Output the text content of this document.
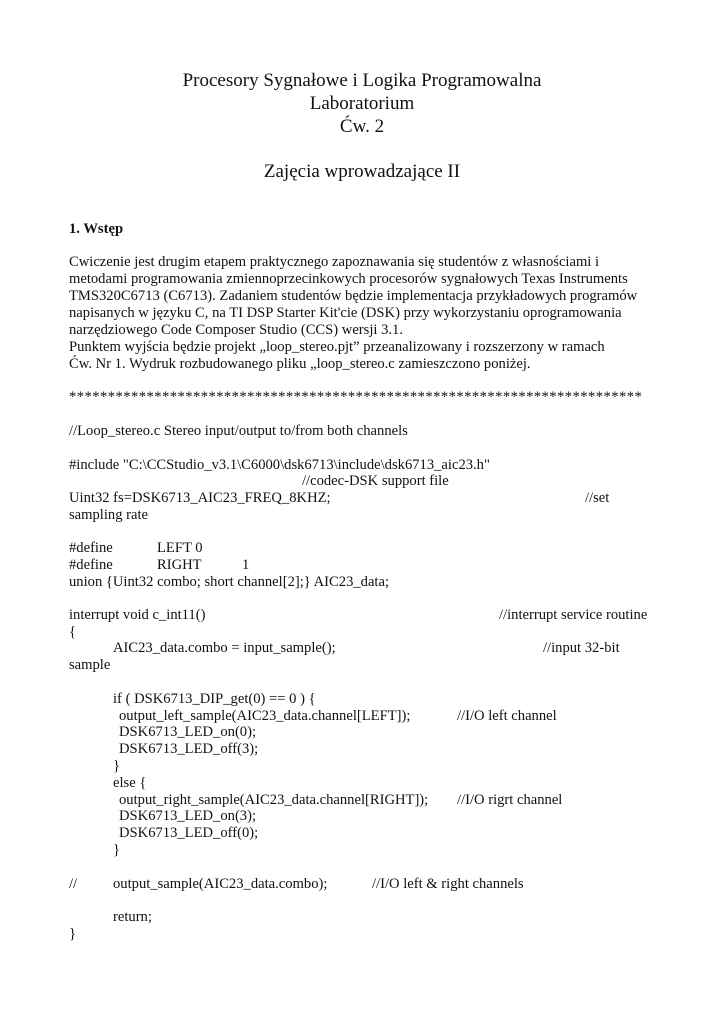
Procesory Sygnałowe i Logika Programowalna
Laboratorium
Ćw. 2
Zajęcia wprowadzające II
1. Wstęp
Cwiczenie jest drugim etapem praktycznego zapoznawania się studentów z własnościami i
metodami programowania zmiennoprzecinkowych procesorów sygnałowych Texas Instruments
TMS320C6713 (C6713). Zadaniem studentów będzie implementacja przykładowych programów
napisanych w języku C, na TI DSP Starter Kit'cie (DSK) przy wykorzystaniu oprogramowania
narzędziowego Code Composer Studio (CCS) wersji 3.1.
Punktem wyjścia będzie projekt „loop_stereo.pjt” przeanalizowany i rozszerzony w ramach
Ćw. Nr 1. Wydruk rozbudowanego pliku „loop_stereo.c zamieszczono poniżej.
**************************************************************************
//Loop_stereo.c Stereo input/output to/from both channels
#include "C:\CCStudio_v3.1\C6000\dsk6713\include\dsk6713_aic23.h"
//codec-DSK support file
Uint32 fs=DSK6713_AIC23_FREQ_8KHZ;	//set
sampling rate
#define	LEFT 0
#define	RIGHT	1
union {Uint32 combo; short channel[2];} AIC23_data;
interrupt void c_int11()	//interrupt service routine
{
AIC23_data.combo = input_sample();	//input 32-bit
sample
if ( DSK6713_DIP_get(0) == 0 ) {
output_left_sample(AIC23_data.channel[LEFT]);	//I/O left channel
DSK6713_LED_on(0);
DSK6713_LED_off(3);
}
else {
output_right_sample(AIC23_data.channel[RIGHT]); //I/O rigrt channel
DSK6713_LED_on(3);
DSK6713_LED_off(0);
}
// output_sample(AIC23_data.combo);	//I/O left & right channels
return;
}
